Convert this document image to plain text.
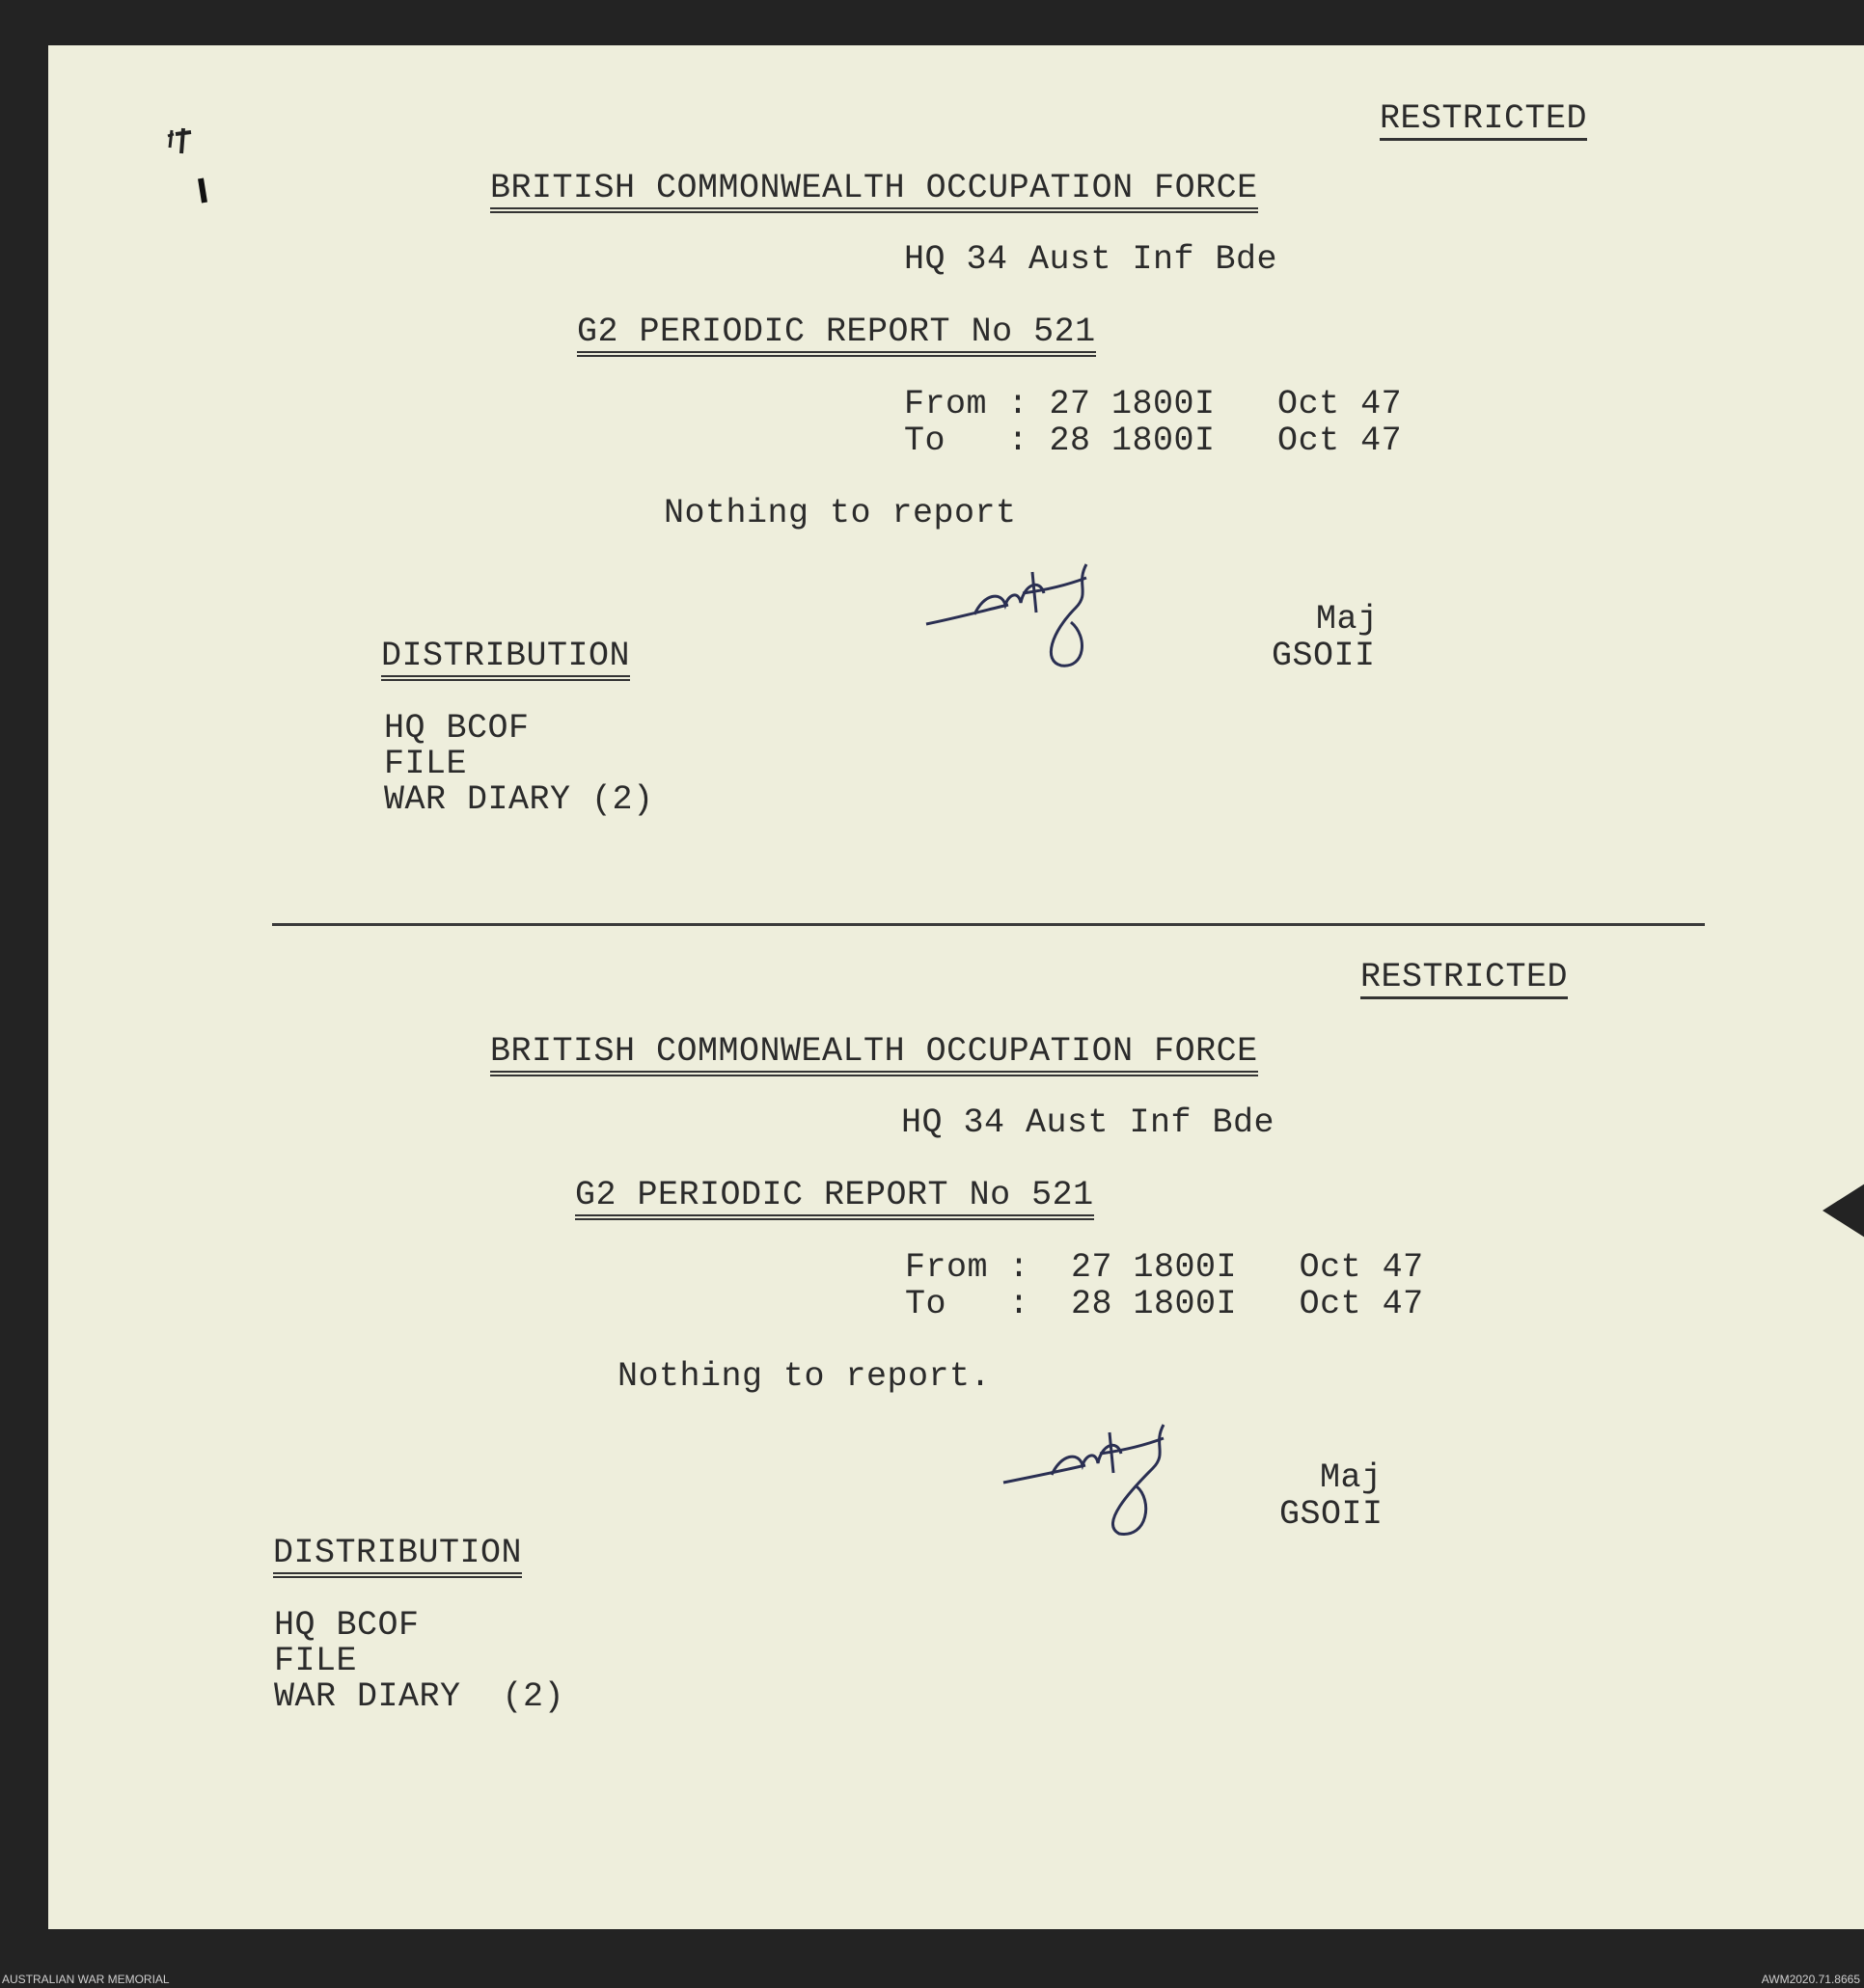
RESTRICTED
BRITISH COMMONWEALTH OCCUPATION FORCE
HQ 34 Aust Inf Bde
G2 PERIODIC REPORT No 521
From : 27 1800I   Oct 47
To   : 28 1800I   Oct 47
Nothing to report
Maj
GSOII
DISTRIBUTION
HQ BCOF
FILE
WAR DIARY (2)
RESTRICTED
BRITISH COMMONWEALTH OCCUPATION FORCE
HQ 34 Aust Inf Bde
G2 PERIODIC REPORT No 521
From :  27 1800I   Oct 47
To   :  28 1800I   Oct 47
Nothing to report.
Maj
GSOII
DISTRIBUTION
HQ BCOF
FILE
WAR DIARY  (2)
AUSTRALIAN WAR MEMORIAL	AWM2020.71.8665
